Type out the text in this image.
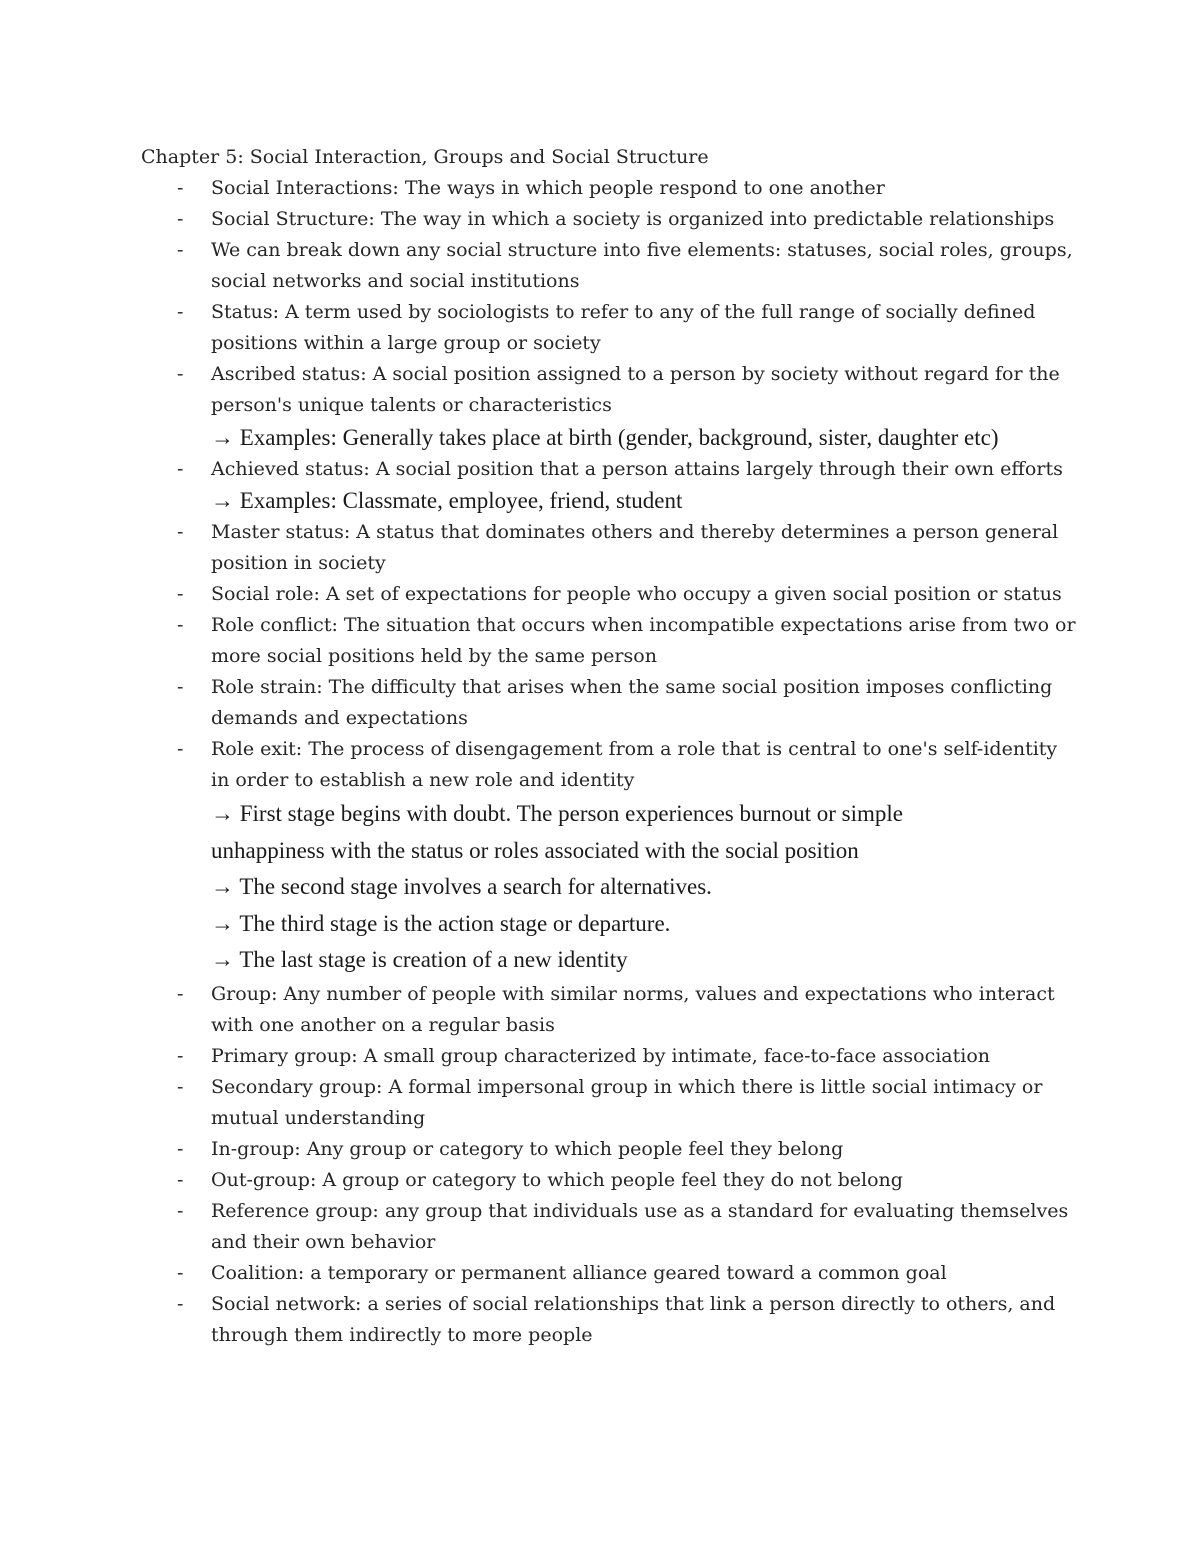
Chapter 5: Social Interaction, Groups and Social Structure
- Social Interactions: The ways in which people respond to one another
- Social Structure: The way in which a society is organized into predictable relationships
- We can break down any social structure into five elements: statuses, social roles, groups,
social networks and social institutions
- Status: A term used by sociologists to refer to any of the full range of socially defined
positions within a large group or society
- Ascribed status: A social position assigned to a person by society without regard for the
person's unique talents or characteristics
→ Examples: Generally takes place at birth (gender, background, sister, daughter etc)
- Achieved status: A social position that a person attains largely through their own efforts
→ Examples: Classmate, employee, friend, student
- Master status: A status that dominates others and thereby determines a person general
position in society
- Social role: A set of expectations for people who occupy a given social position or status
- Role conflict: The situation that occurs when incompatible expectations arise from two or
more social positions held by the same person
- Role strain: The difficulty that arises when the same social position imposes conflicting
demands and expectations
- Role exit: The process of disengagement from a role that is central to one's self-identity
in order to establish a new role and identity
→ First stage begins with doubt. The person experiences burnout or simple
unhappiness with the status or roles associated with the social position
→ The second stage involves a search for alternatives.
→ The third stage is the action stage or departure.
→ The last stage is creation of a new identity
- Group: Any number of people with similar norms, values and expectations who interact
with one another on a regular basis
- Primary group: A small group characterized by intimate, face-to-face association
- Secondary group: A formal impersonal group in which there is little social intimacy or
mutual understanding
- In-group: Any group or category to which people feel they belong
- Out-group: A group or category to which people feel they do not belong
- Reference group: any group that individuals use as a standard for evaluating themselves
and their own behavior
- Coalition: a temporary or permanent alliance geared toward a common goal
- Social network: a series of social relationships that link a person directly to others, and
through them indirectly to more people
